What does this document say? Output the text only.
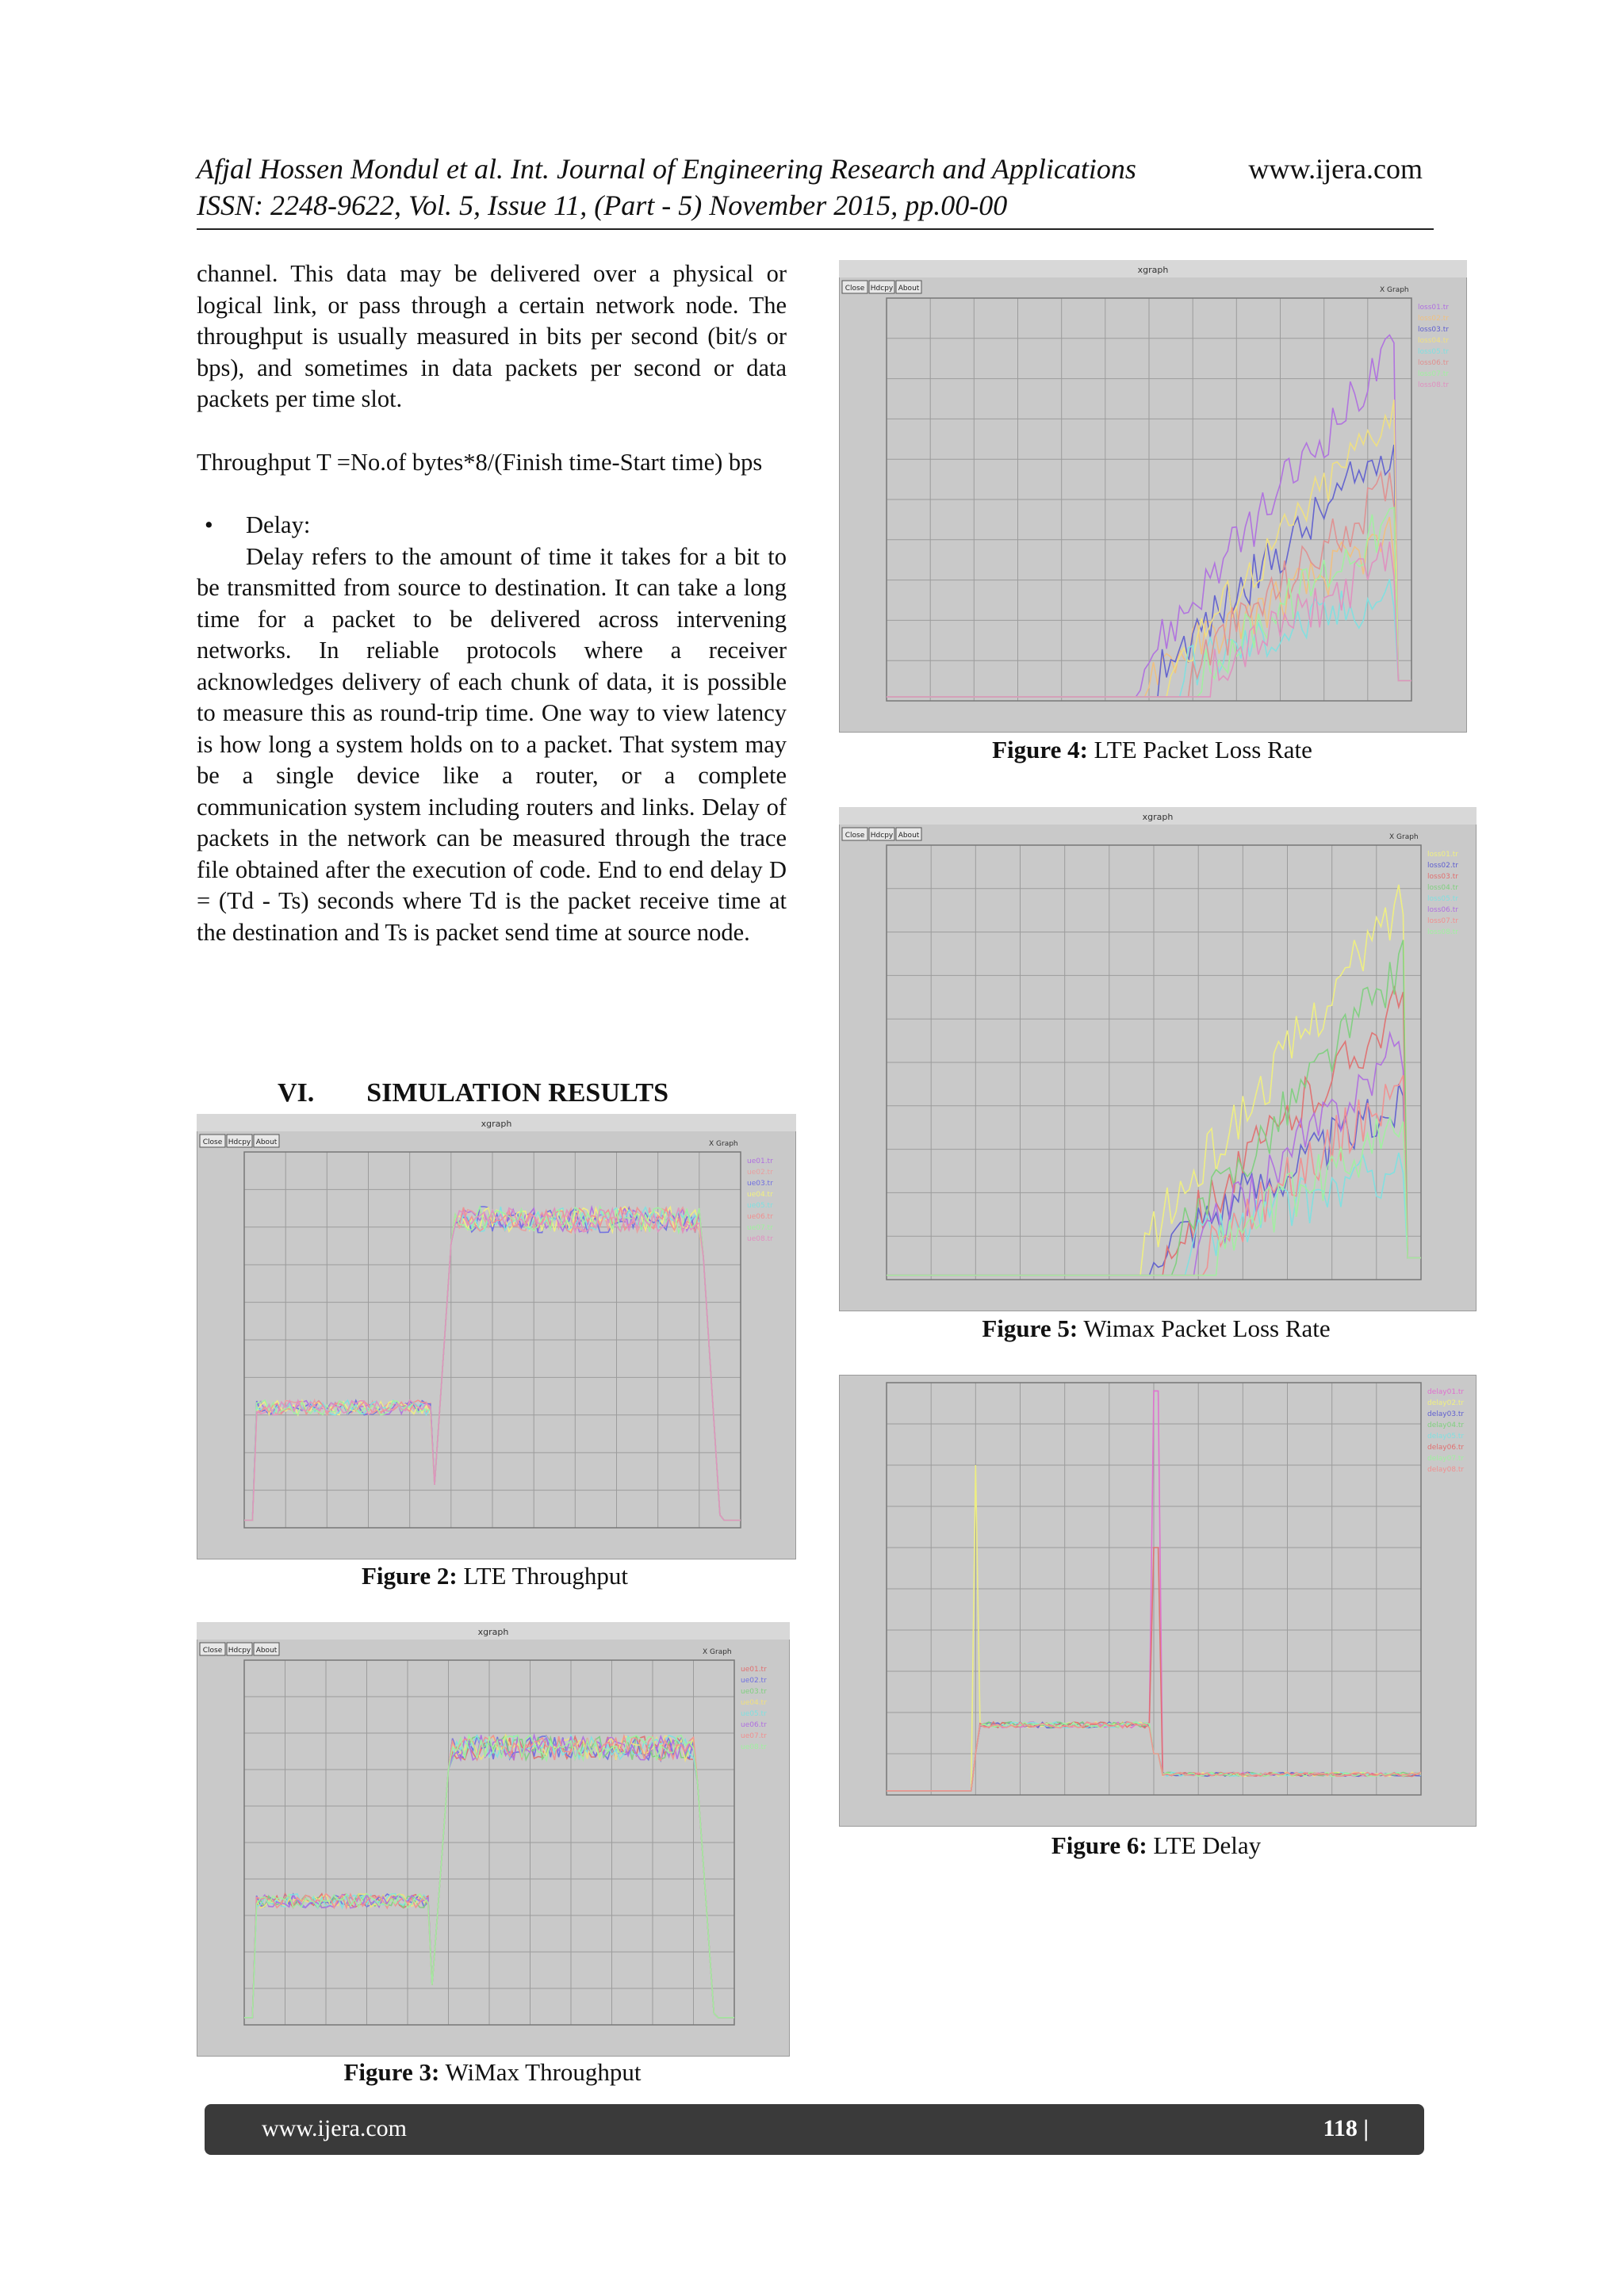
Afjal Hossen Mondul et al. Int. Journal of Engineering Research and Applications
ISSN: 2248-9622, Vol. 5, Issue 11, (Part - 5) November 2015, pp.00-00
www.ijera.com

channel. This data may be delivered over a physical or logical link, or pass through a certain network node. The throughput is usually measured in bits per second (bit/s or bps), and sometimes in data packets per second or data packets per time slot.

Throughput T =No.of bytes*8/(Finish time-Start time) bps

• Delay:

Delay refers to the amount of time it takes for a bit to be transmitted from source to destination. It can take a long time for a packet to be delivered across intervening networks. In reliable protocols where a receiver acknowledges delivery of each chunk of data, it is possible to measure this as round-trip time. One way to view latency is how long a system holds on to a packet. That system may be a single device like a router, or a complete communication system including routers and links. Delay of packets in the network can be measured through the trace file obtained after the execution of code. End to end delay D = (Td - Ts) seconds where Td is the packet receive time at the destination and Ts is packet send time at source node.

VI. SIMULATION RESULTS
xgraph
Close Hdcpy About	X Graph
ue01.tr
ue02.tr
ue03.tr
ue04.tr
ue05.tr
ue06.tr
ue07.tr
ue08.tr
Figure 2: LTE Throughput
xgraph
Close Hdcpy About	X Graph
ue01.tr
ue02.tr
ue03.tr
ue04.tr
ue05.tr
ue06.tr
ue07.tr
ue08.tr
Figure 3: WiMax Throughput
xgraph
Close Hdcpy About	X Graph
loss01.tr
loss02.tr
loss03.tr
loss04.tr
loss05.tr
loss06.tr
loss07.tr
loss08.tr
Figure 4: LTE Packet Loss Rate
xgraph
Close Hdcpy About	X Graph
loss01.tr
loss02.tr
loss03.tr
loss04.tr
loss05.tr
loss06.tr
loss07.tr
loss08.tr
Figure 5: Wimax Packet Loss Rate
delay01.tr
delay02.tr
delay03.tr
delay04.tr
delay05.tr
delay06.tr
delay07.tr
delay08.tr
Figure 6: LTE Delay
www.ijera.com	118 |
